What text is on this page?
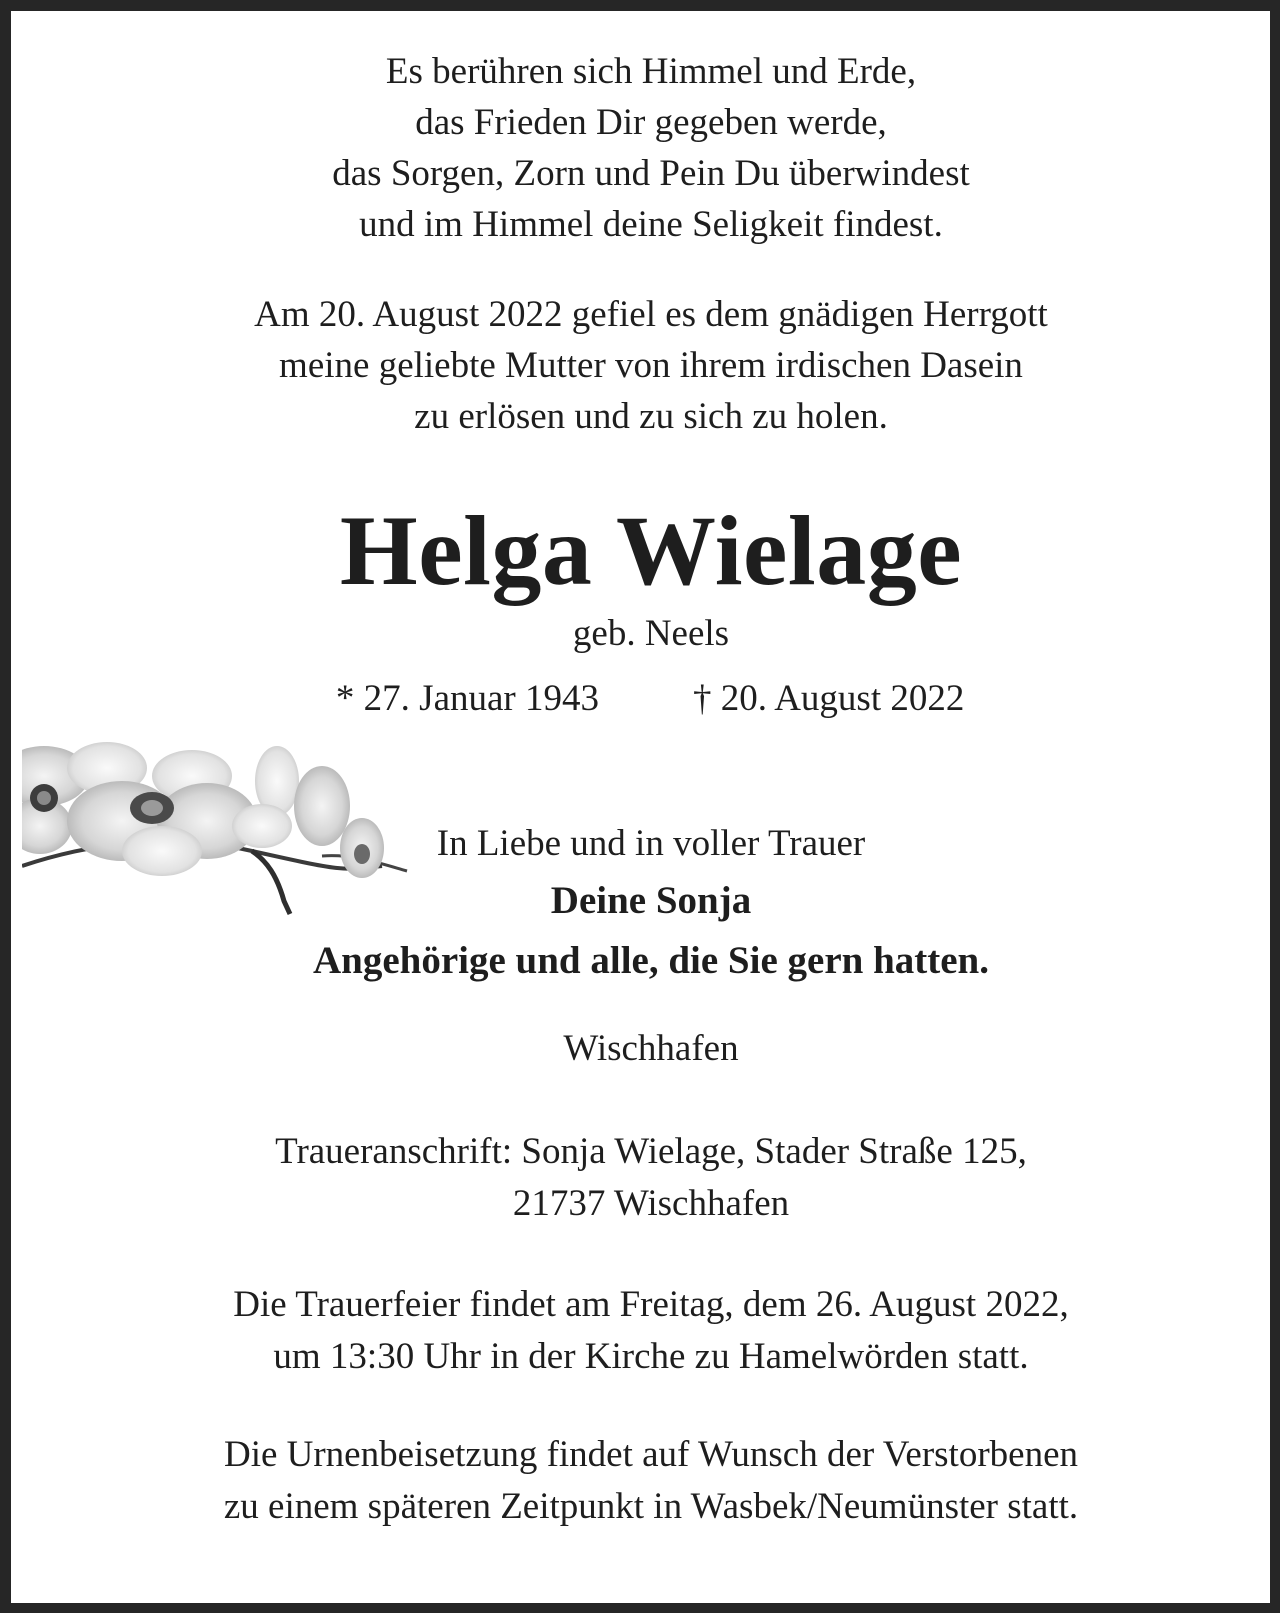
Es berühren sich Himmel und Erde,
das Frieden Dir gegeben werde,
das Sorgen, Zorn und Pein Du überwindest
und im Himmel deine Seligkeit findest.
Am 20. August 2022 gefiel es dem gnädigen Herrgott
meine geliebte Mutter von ihrem irdischen Dasein
zu erlösen und zu sich zu holen.
Helga Wielage
geb. Neels
* 27. Januar 1943	† 20. August 2022
In Liebe und in voller Trauer
Deine Sonja
Angehörige und alle, die Sie gern hatten.
Wischhafen
Traueranschrift: Sonja Wielage, Stader Straße 125,
21737 Wischhafen
Die Trauerfeier findet am Freitag, dem 26. August 2022,
um 13:30 Uhr in der Kirche zu Hamelwörden statt.
Die Urnenbeisetzung findet auf Wunsch der Verstorbenen
zu einem späteren Zeitpunkt in Wasbek/Neumünster statt.
